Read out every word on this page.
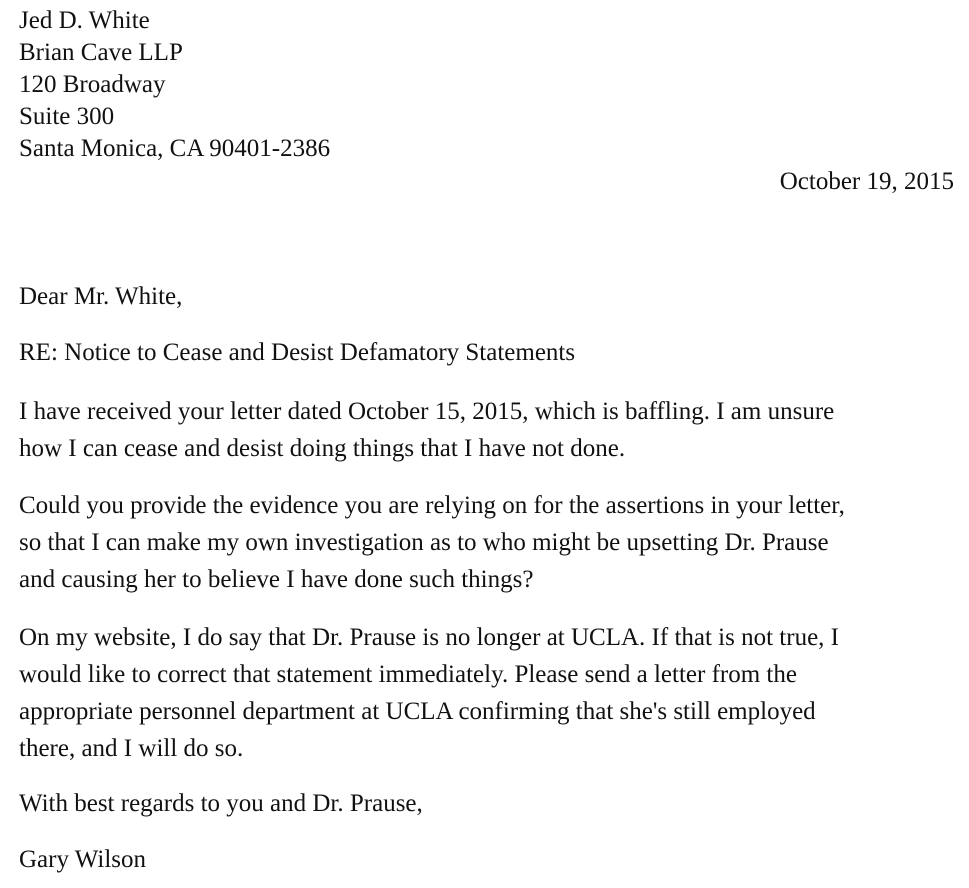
Jed D. White
Brian Cave LLP
120 Broadway
Suite 300
Santa Monica, CA 90401-2386
October 19, 2015
Dear Mr. White,
RE: Notice to Cease and Desist Defamatory Statements
I have received your letter dated October 15, 2015, which is baffling. I am unsure
how I can cease and desist doing things that I have not done.
Could you provide the evidence you are relying on for the assertions in your letter,
so that I can make my own investigation as to who might be upsetting Dr. Prause
and causing her to believe I have done such things?
On my website, I do say that Dr. Prause is no longer at UCLA. If that is not true, I
would like to correct that statement immediately. Please send a letter from the
appropriate personnel department at UCLA confirming that she's still employed
there, and I will do so.
With best regards to you and Dr. Prause,
Gary Wilson
